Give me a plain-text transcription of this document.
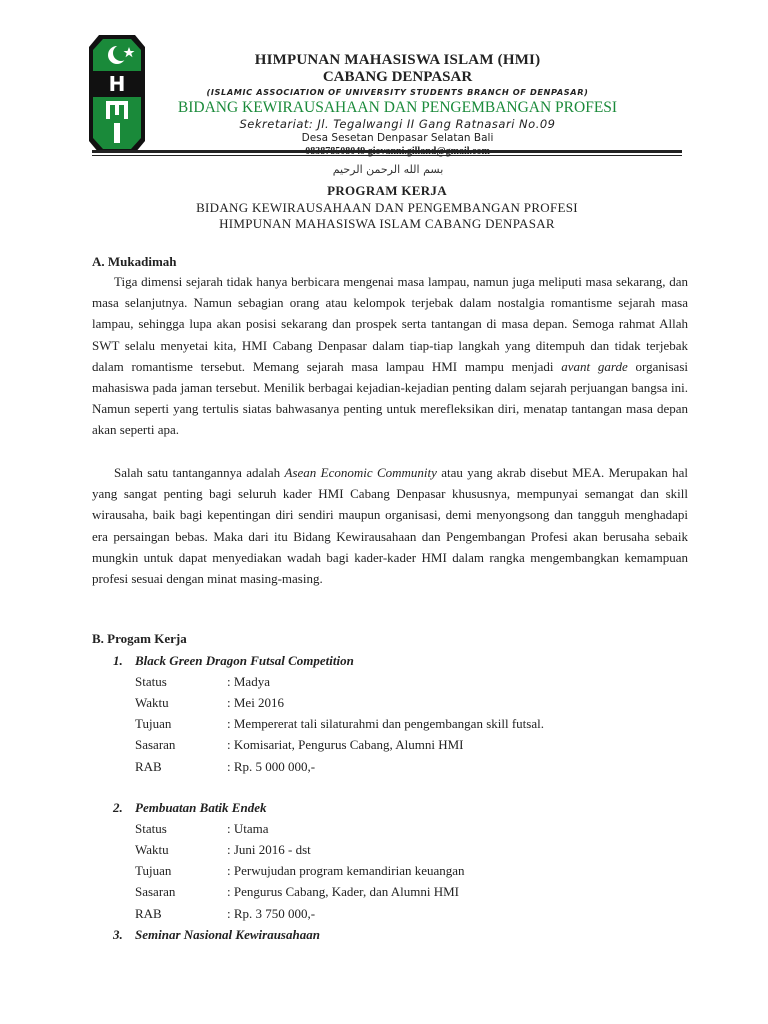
H
HIMPUNAN MAHASISWA ISLAM (HMI)
CABANG DENPASAR
(ISLAMIC ASSOCIATION OF UNIVERSITY STUDENTS BRANCH OF DENPASAR)
BIDANG KEWIRAUSAHAAN DAN PENGEMBANGAN PROFESI
Sekretariat: Jl. Tegalwangi II Gang Ratnasari No.09
Desa Sesetan Denpasar Selatan Bali
بسم الله الرحمن الرحيم
PROGRAM KERJA
BIDANG KEWIRAUSAHAAN DAN PENGEMBANGAN PROFESI
HIMPUNAN MAHASISWA ISLAM CABANG DENPASAR
A. Mukadimah
Tiga dimensi sejarah tidak hanya berbicara mengenai masa lampau, namun juga meliputi masa sekarang, dan masa selanjutnya. Namun sebagian orang atau kelompok terjebak dalam nostalgia romantisme sejarah masa lampau, sehingga lupa akan posisi sekarang dan prospek serta tantangan di masa depan. Semoga rahmat Allah SWT selalu menyetai kita, HMI Cabang Denpasar dalam tiap-tiap langkah yang ditempuh dan tidak terjebak dalam romantisme tersebut. Memang sejarah masa lampau HMI mampu menjadi avant garde organisasi mahasiswa pada jaman tersebut. Menilik berbagai kejadian-kejadian penting dalam sejarah perjuangan bangsa ini. Namun seperti yang tertulis siatas bahwasanya penting untuk merefleksikan diri, menatap tantangan masa depan akan seperti apa.
Salah satu tantangannya adalah Asean Economic Community atau yang akrab disebut MEA. Merupakan hal yang sangat penting bagi seluruh kader HMI Cabang Denpasar khususnya, mempunyai semangat dan skill wirausaha, baik bagi kepentingan diri sendiri maupun organisasi, demi menyongsong dan tangguh menghadapi era persaingan bebas. Maka dari itu Bidang Kewirausahaan dan Pengembangan Profesi akan berusaha sebaik mungkin untuk dapat menyediakan wadah bagi kader-kader HMI dalam rangka mengembangkan kemampuan profesi sesuai dengan minat masing-masing.
B. Progam Kerja
1. Black Green Dragon Futsal Competition
Status	: Madya
Waktu	: Mei 2016
Tujuan	: Mempererat tali silaturahmi dan pengembangan skill futsal.
Sasaran	: Komisariat, Pengurus Cabang, Alumni HMI
RAB	: Rp. 5 000 000,-
2. Pembuatan Batik Endek
Status	: Utama
Waktu	: Juni 2016 - dst
Tujuan	: Perwujudan program kemandirian keuangan
Sasaran	: Pengurus Cabang, Kader, dan Alumni HMI
RAB	: Rp. 3 750 000,-
3. Seminar Nasional Kewirausahaan
